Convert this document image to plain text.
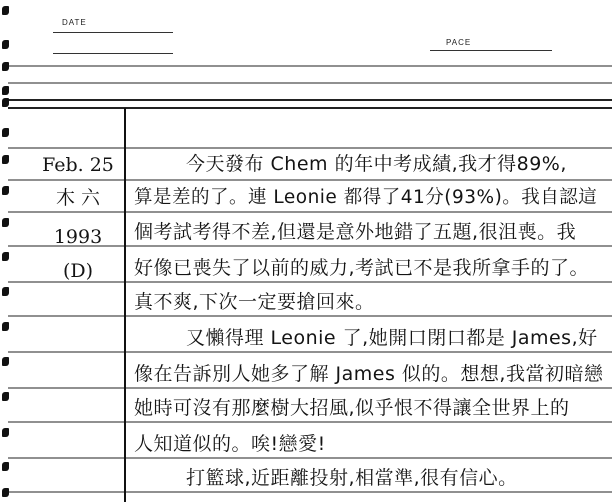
DATE
PACE
Feb. 25
木 六
1993
(D)
今天發布 Chem 的年中考成績,我才得89%,
算是差的了。連 Leonie 都得了41分(93%)。我自認這
個考試考得不差,但還是意外地錯了五題,很沮喪。我
好像已喪失了以前的威力,考試已不是我所拿手的了。
真不爽,下次一定要搶回來。
又懶得理 Leonie 了,她開口閉口都是 James,好
像在告訴別人她多了解 James 似的。想想,我當初暗戀
她時可沒有那麼樹大招風,似乎恨不得讓全世界上的
人知道似的。唉!戀愛!
打籃球,近距離投射,相當準,很有信心。
